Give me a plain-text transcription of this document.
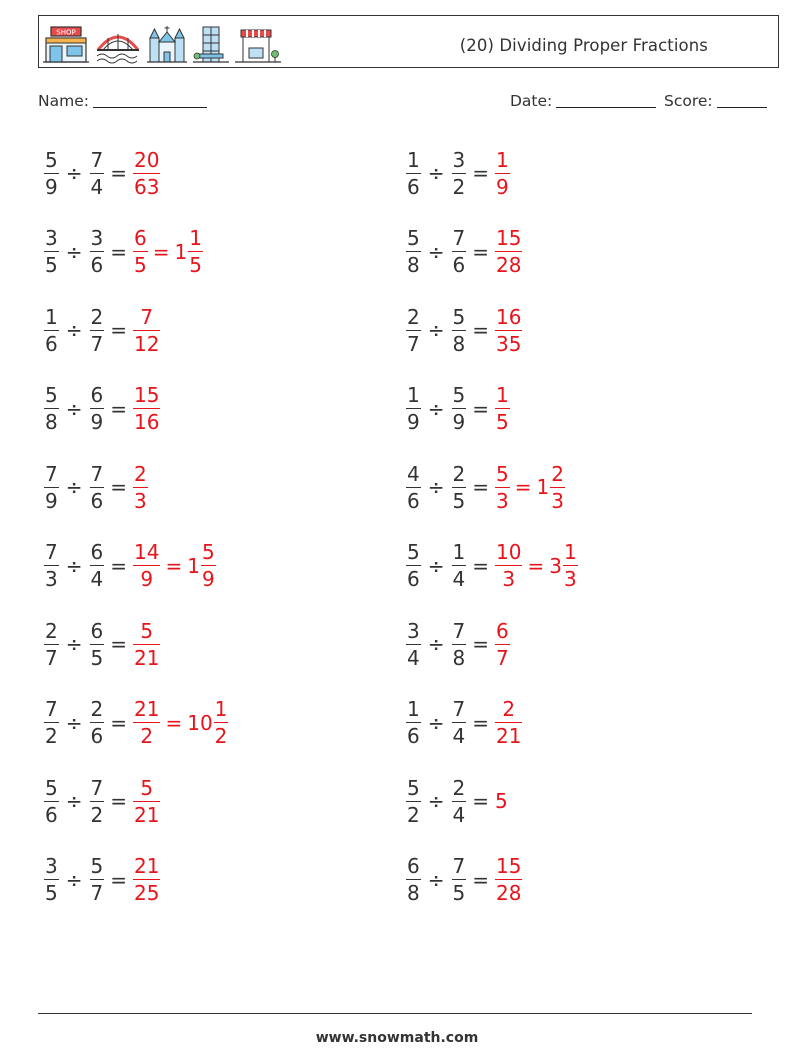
SHOP
(20) Dividing Proper Fractions
Name:	Date:	Score:
$\frac{5}{9} \div \frac{7}{4} = \frac{20}{63}$	$\frac{1}{6} \div \frac{3}{2} = \frac{1}{9}$
$\frac{3}{5} \div \frac{3}{6} = \frac{6}{5} = 1 \frac{1}{5}$	$\frac{5}{8} \div \frac{7}{6} = \frac{15}{28}$
$\frac{1}{6} \div \frac{2}{7} = \frac{7}{12}$	$\frac{2}{7} \div \frac{5}{8} = \frac{16}{35}$
$\frac{5}{8} \div \frac{6}{9} = \frac{15}{16}$	$\frac{1}{9} \div \frac{5}{9} = \frac{1}{5}$
$\frac{7}{9} \div \frac{7}{6} = \frac{2}{3}$	$\frac{4}{6} \div \frac{2}{5} = \frac{5}{3} = 1 \frac{2}{3}$
$\frac{7}{3} \div \frac{6}{4} = \frac{14}{9} = 1 \frac{5}{9}$	$\frac{5}{6} \div \frac{1}{4} = \frac{10}{3} = 3 \frac{1}{3}$
$\frac{2}{7} \div \frac{6}{5} = \frac{5}{21}$	$\frac{3}{4} \div \frac{7}{8} = \frac{6}{7}$
$\frac{7}{2} \div \frac{2}{6} = \frac{21}{2} = 10 \frac{1}{2}$	$\frac{1}{6} \div \frac{7}{4} = \frac{2}{21}$
$\frac{5}{6} \div \frac{7}{2} = \frac{5}{21}$	$\frac{5}{2} \div \frac{2}{4} = 5$
$\frac{3}{5} \div \frac{5}{7} = \frac{21}{25}$	$\frac{6}{8} \div \frac{7}{5} = \frac{15}{28}$
www.snowmath.com
